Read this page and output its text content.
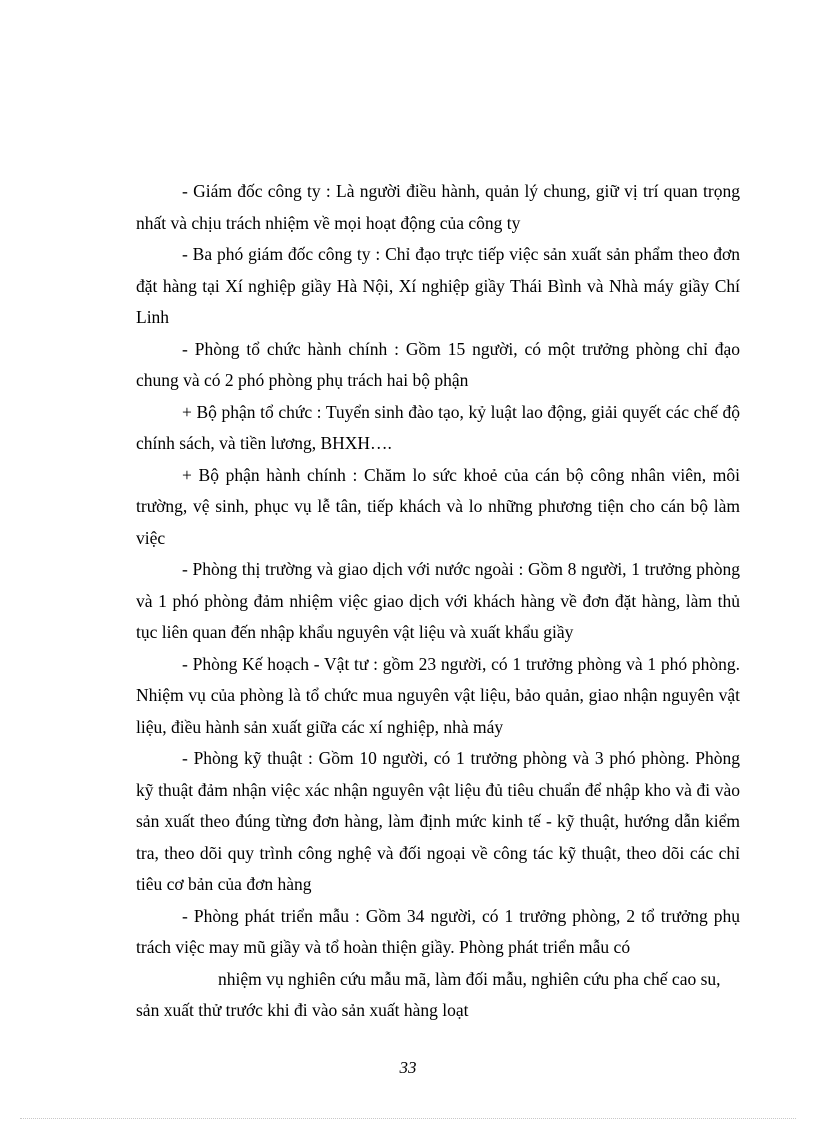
- Giám đốc công ty : Là người điều hành, quản lý chung, giữ vị trí quan trọng nhất và chịu trách nhiệm về mọi hoạt động của công ty

- Ba phó giám đốc công ty : Chỉ đạo trực tiếp việc sản xuất sản phẩm theo đơn đặt hàng tại Xí nghiệp giầy Hà Nội, Xí nghiệp giầy Thái Bình và Nhà máy giầy Chí Linh

- Phòng tổ chức hành chính : Gồm 15 người, có một trưởng phòng chỉ đạo chung và có 2 phó phòng phụ trách hai bộ phận

+ Bộ phận tổ chức : Tuyển sinh đào tạo, kỷ luật lao động, giải quyết các chế độ chính sách, và tiền lương, BHXH….

+ Bộ phận hành chính : Chăm lo sức khoẻ của cán bộ công nhân viên, môi trường, vệ sinh, phục vụ lễ tân, tiếp khách và lo những phương tiện cho cán bộ làm việc

- Phòng thị trường và giao dịch với nước ngoài : Gồm 8 người, 1 trưởng phòng và 1 phó phòng đảm nhiệm việc giao dịch với khách hàng về đơn đặt hàng, làm thủ tục liên quan đến nhập khẩu nguyên vật liệu và xuất khẩu giầy

- Phòng Kế hoạch - Vật tư : gồm 23 người, có 1 trưởng phòng và 1 phó phòng. Nhiệm vụ của phòng là tổ chức mua nguyên vật liệu, bảo quản, giao nhận nguyên vật liệu, điều hành sản xuất giữa các xí nghiệp, nhà máy

- Phòng kỹ thuật : Gồm 10 người, có 1 trưởng phòng và 3 phó phòng. Phòng kỹ thuật đảm nhận việc xác nhận nguyên vật liệu đủ tiêu chuẩn để nhập kho và đi vào sản xuất theo đúng từng đơn hàng, làm định mức kinh tế - kỹ thuật, hướng dẫn kiểm tra, theo dõi quy trình công nghệ và đối ngoại về công tác kỹ thuật, theo dõi các chỉ tiêu cơ bản của đơn hàng

- Phòng phát triển mẫu : Gồm 34 người, có 1 trưởng phòng, 2 tổ trưởng phụ trách việc may mũ giầy và tổ hoàn thiện giầy. Phòng phát triển mẫu có
nhiệm vụ nghiên cứu mẫu mã, làm đối mẫu, nghiên cứu pha chế cao su,
sản xuất thử trước khi đi vào sản xuất hàng loạt

33
